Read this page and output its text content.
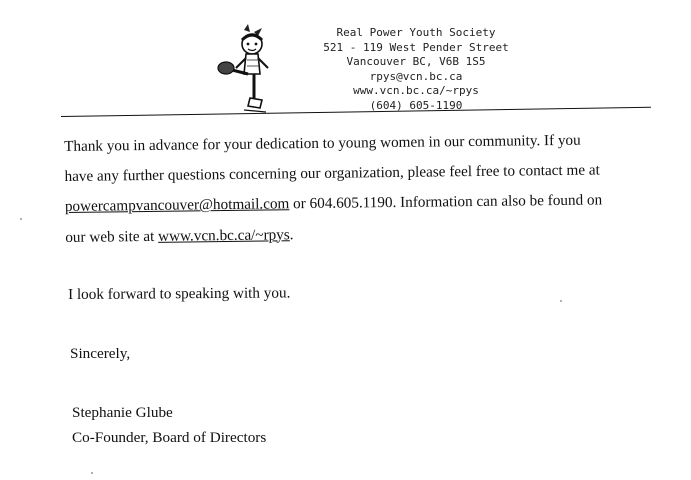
Real Power Youth Society
521 - 119 West Pender Street
Vancouver BC, V6B 1S5
rpys@vcn.bc.ca
www.vcn.bc.ca/~rpys
(604) 605-1190
Thank you in advance for your dedication to young women in our community. If you
have any further questions concerning our organization, please feel free to contact me at
powercampvancouver@hotmail.com or 604.605.1190. Information can also be found on
our web site at www.vcn.bc.ca/~rpys.
I look forward to speaking with you.
Sincerely,
Stephanie Glube
Co-Founder, Board of Directors
